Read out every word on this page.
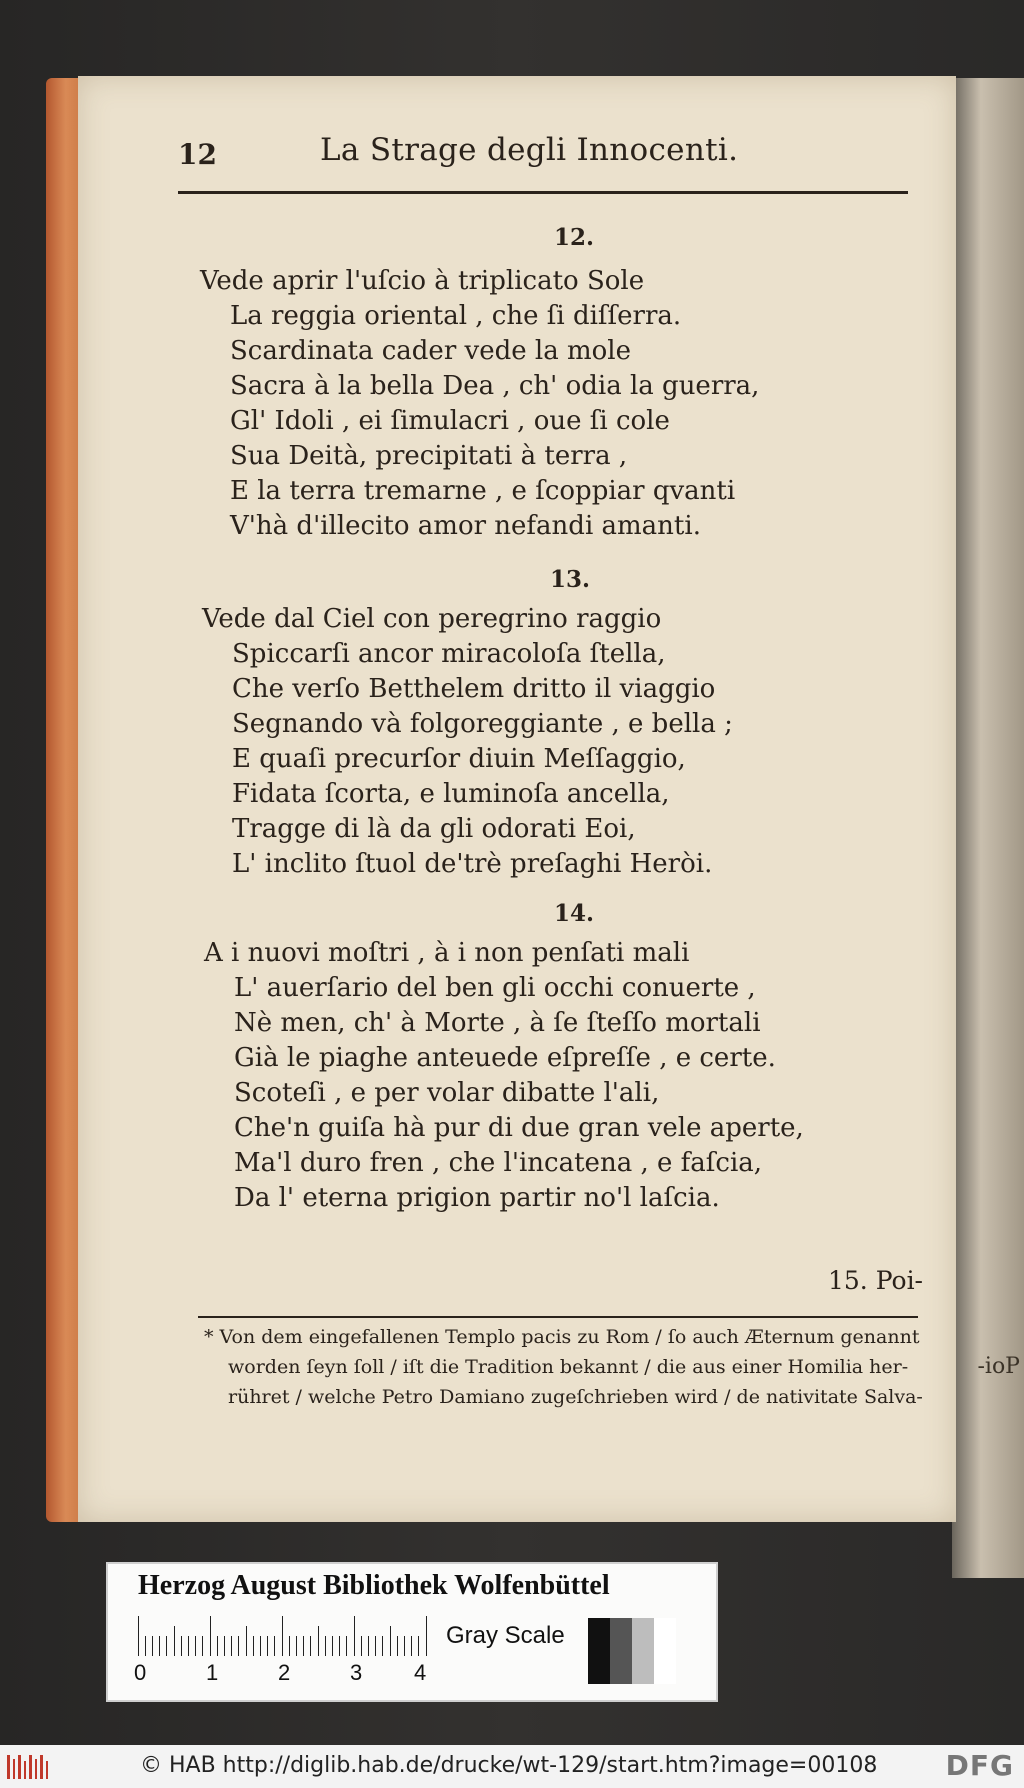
-ioP
12	La Strage degli Innocenti.
12.
Vede aprir l'uſcio à triplicato Sole
La reggia oriental , che ſi diſſerra.
Scardinata cader vede la mole
Sacra à la bella Dea , ch' odia la guerra,
Gl' Idoli , ei ſimulacri , oue ſi cole
Sua Deità, precipitati à terra ,
E la terra tremarne , e ſcoppiar qvanti
V'hà d'illecito amor nefandi amanti.
13.
Vede dal Ciel con peregrino raggio
Spiccarſi ancor miracoloſa ſtella,
Che verſo Betthelem dritto il viaggio
Segnando và folgoreggiante , e bella ;
E quaſi precurſor diuin Meſſaggio,
Fidata ſcorta, e luminoſa ancella,
Tragge di là da gli odorati Eoi,
L' inclito ſtuol de'trè preſaghi Heròi.
14.
A i nuovi moſtri , à i non penſati mali
L' auerſario del ben gli occhi conuerte ,
Nè men, ch' à Morte , à ſe ſteſſo mortali
Già le piaghe anteuede eſpreſſe , e certe.
Scoteſi , e per volar dibatte l'ali,
Che'n guiſa hà pur di due gran vele aperte,
Ma'l duro fren , che l'incatena , e faſcia,
Da l' eterna prigion partir no'l laſcia.
15. Poi-
* Von dem eingefallenen Templo pacis zu Rom / ſo auch Æternum genannt
worden ſeyn ſoll / iſt die Tradition bekannt / die aus einer Homilia her-
rühret / welche Petro Damiano zugeſchrieben wird / de nativitate Salva-
Herzog August Bibliothek Wolfenbüttel
0	1	2	3 4
Gray Scale
© HAB http://diglib.hab.de/drucke/wt-129/start.htm?image=00108 DFG
